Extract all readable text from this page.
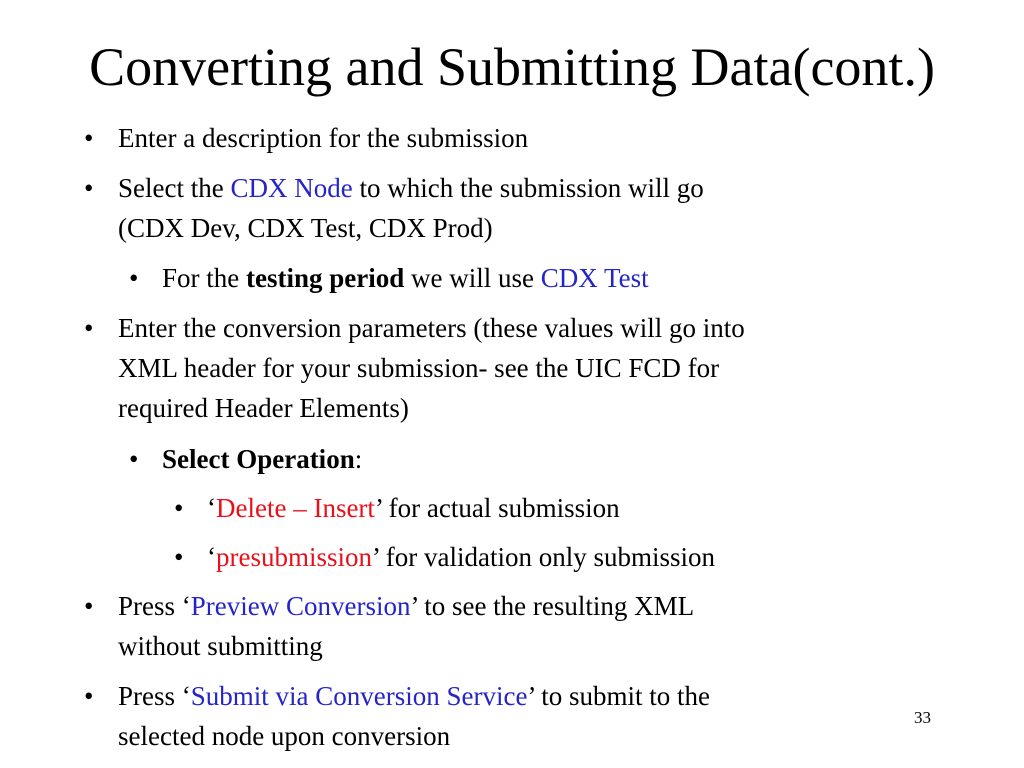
Converting and Submitting Data(cont.)
• Enter a description for the submission
• Select the CDX Node to which the submission will go
(CDX Dev, CDX Test, CDX Prod)
• For the testing period we will use CDX Test
• Enter the conversion parameters (these values will go into
XML header for your submission- see the UIC FCD for
required Header Elements)
• Select Operation:
• ‘Delete – Insert’ for actual submission
• ‘presubmission’ for validation only submission
• Press ‘Preview Conversion’ to see the resulting XML
without submitting
• Press ‘Submit via Conversion Service’ to submit to the
selected node upon conversion
33
